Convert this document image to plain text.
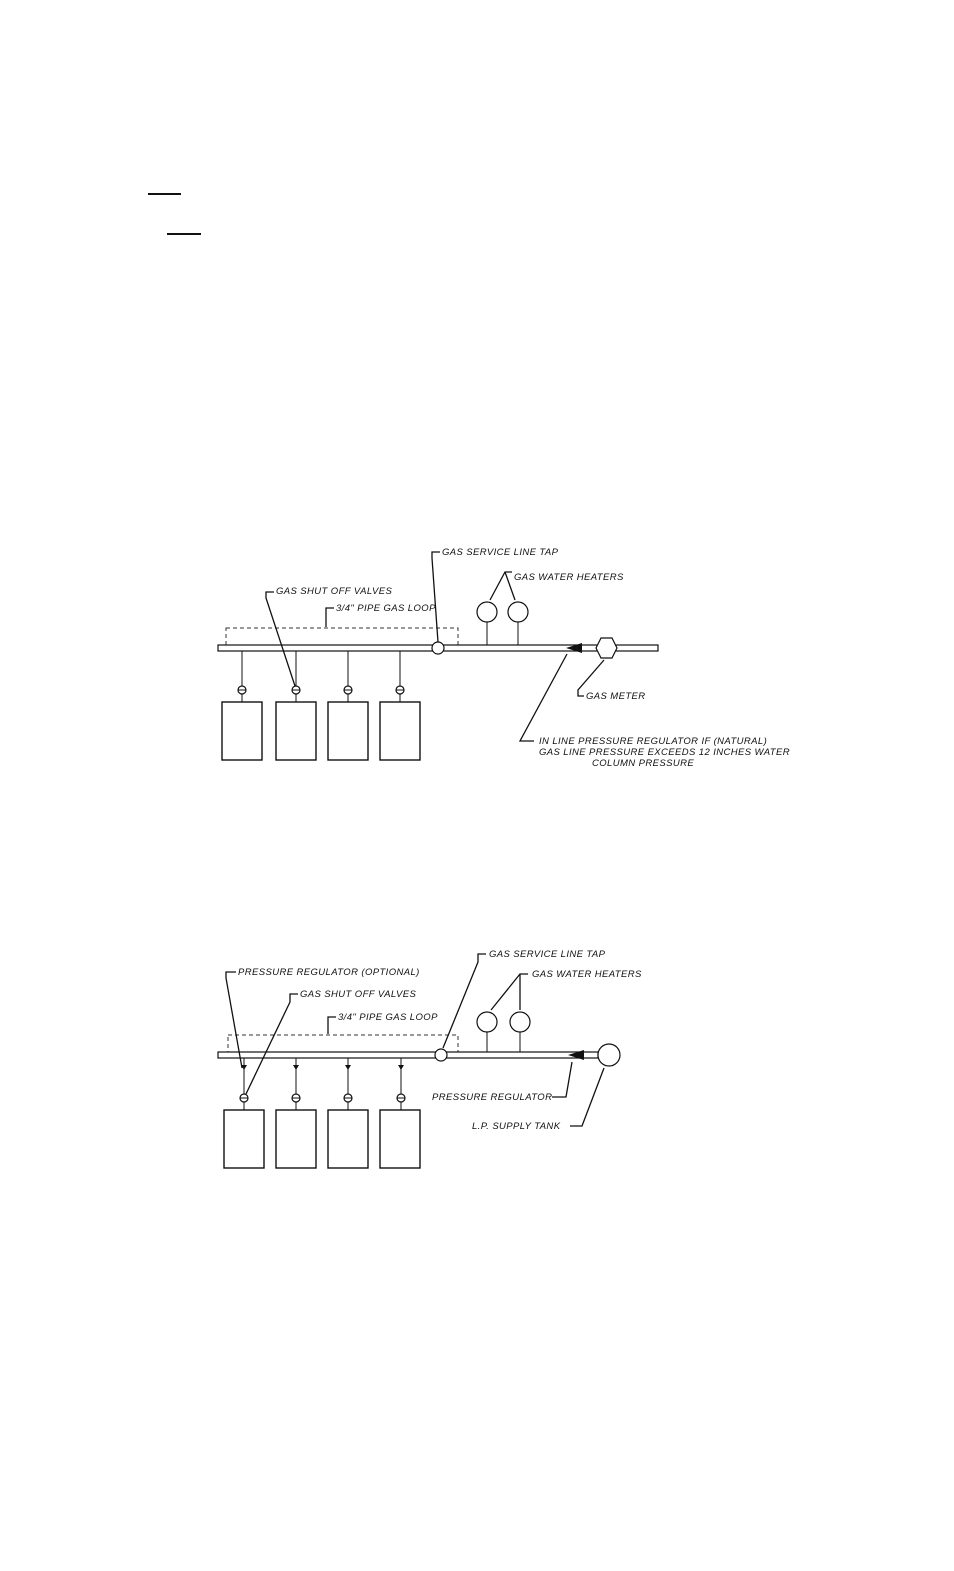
GAS SERVICE LINE TAP
GAS WATER HEATERS
GAS SHUT OFF VALVES
3/4" PIPE GAS LOOP
GAS METER
IN LINE PRESSURE REGULATOR IF (NATURAL)
GAS LINE PRESSURE EXCEEDS 12 INCHES WATER
COLUMN PRESSURE
GAS SERVICE LINE TAP
PRESSURE REGULATOR (OPTIONAL)	GAS WATER HEATERS
GAS SHUT OFF VALVES
3/4" PIPE GAS LOOP
PRESSURE REGULATOR
L.P. SUPPLY TANK
